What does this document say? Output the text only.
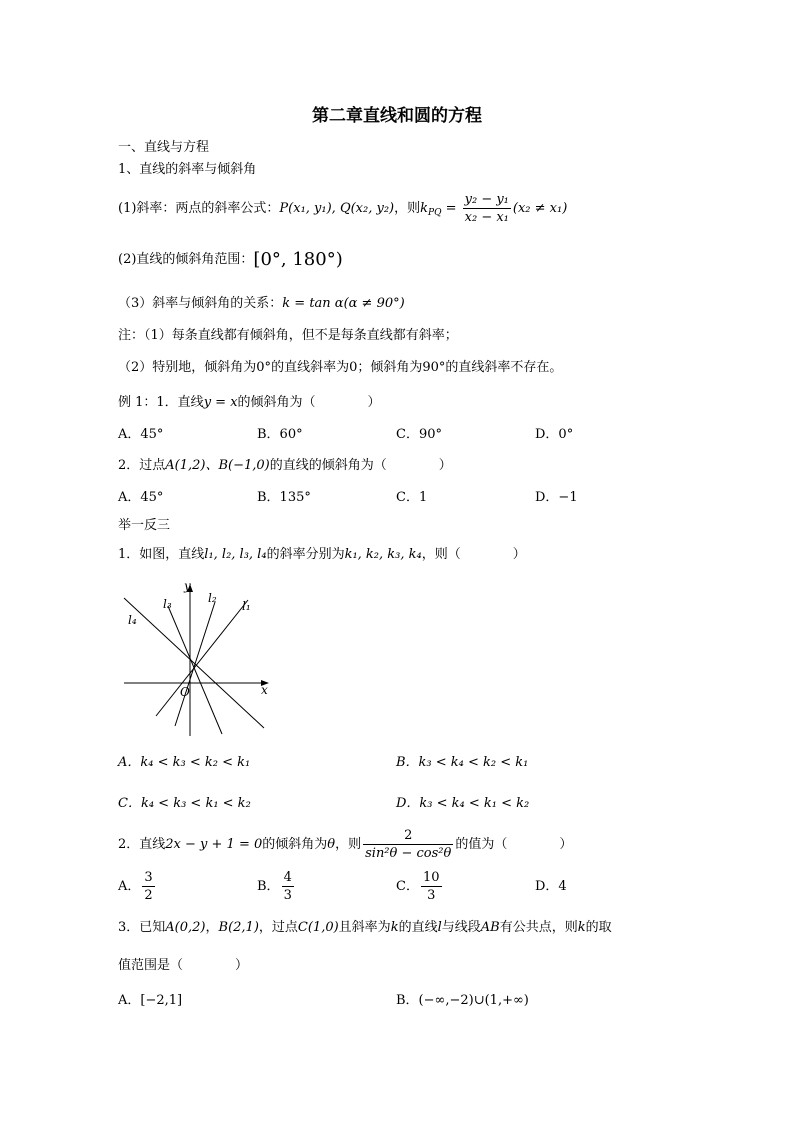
第二章直线和圆的方程
一、直线与方程
1、直线的斜率与倾斜角
(1)斜率：两点的斜率公式：P(x₁, y₁), Q(x₂, y₂)，则$k_{PQ} = \frac{\text{y₂ − y₁}}{\text{x₂ − x₁}} (x_2 \ne x_1)$
(2)直线的倾斜角范围：[0°, 180°)
（3）斜率与倾斜角的关系：k = tan α(α ≠ 90°)
注：（1）每条直线都有倾斜角，但不是每条直线都有斜率；
（2）特别地，倾斜角为0°的直线斜率为0；倾斜角为90°的直线斜率不存在。
例 1：1．直线y = x的倾斜角为（　　　　）
A．45°	B．60°	C．90°	D．0°
2．过点A(1,2)、B(−1,0)的直线的倾斜角为（　　　　）
A．45°	B．135°	C．1	D．−1
举一反三
1．如图，直线l₁, l₂, l₃, l₄的斜率分别为k₁, k₂, k₃, k₄，则（　　　　）
y
x
O
l₁
l₂
l₃
l₄
A．k₄ < k₃ < k₂ < k₁	B．k₃ < k₄ < k₂ < k₁
C．k₄ < k₃ < k₁ < k₂	D．k₃ < k₄ < k₁ < k₂
2．直线2x − y + 1 = 0的倾斜角为θ，则 $\frac{2}{\text{sin²θ − cos²θ}}$ 的值为（　　　　）
A． $\frac{3}{2}$	B． $\frac{4}{3}$	C． $\frac{10}{3}$	D．4
3．已知A(0,2)，B(2,1)，过点C(1,0)且斜率为k的直线l与线段AB有公共点，则k的取
值范围是（　　　　）
A．[−2,1]	B．(−∞,−2)∪(1,+∞)
